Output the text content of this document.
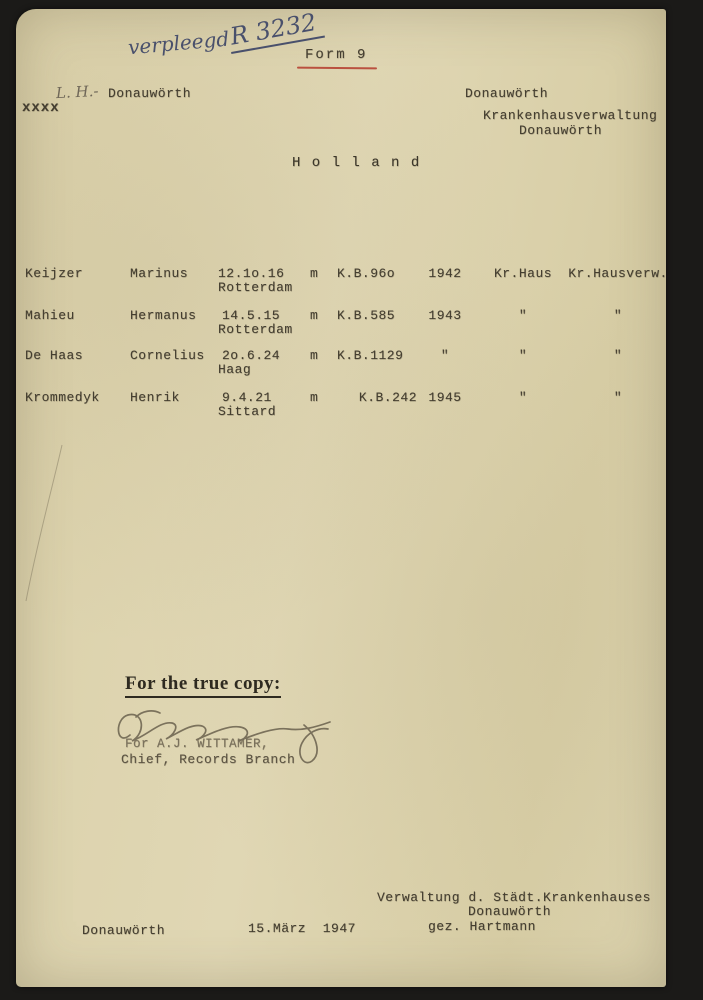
verpleegd
R 3232
Form 9
L. H.- Donauwörth
xxxx
Donauwörth
Krankenhausverwaltung
Donauwörth
H o l l a n d
Keijzer	Marinus	12.1o.16
Rotterdam
m	K.B.96o	1942	Kr.Haus	Kr.Hausverw.
Mahieu	Hermanus	14.5.15
Rotterdam
m	K.B.585	1943	"	"
De Haas	Cornelius	2o.6.24
Haag
m	K.B.1129	"	"	"
Krommedyk	Henrik	9.4.21
Sittard
m	K.B.242 1945	"	"
For the true copy:
For A.J. WITTAMER,
Chief, Records Branch
Verwaltung d. Städt.Krankenhauses
Donauwörth
gez. Hartmann
Donauwörth	15.März  1947
